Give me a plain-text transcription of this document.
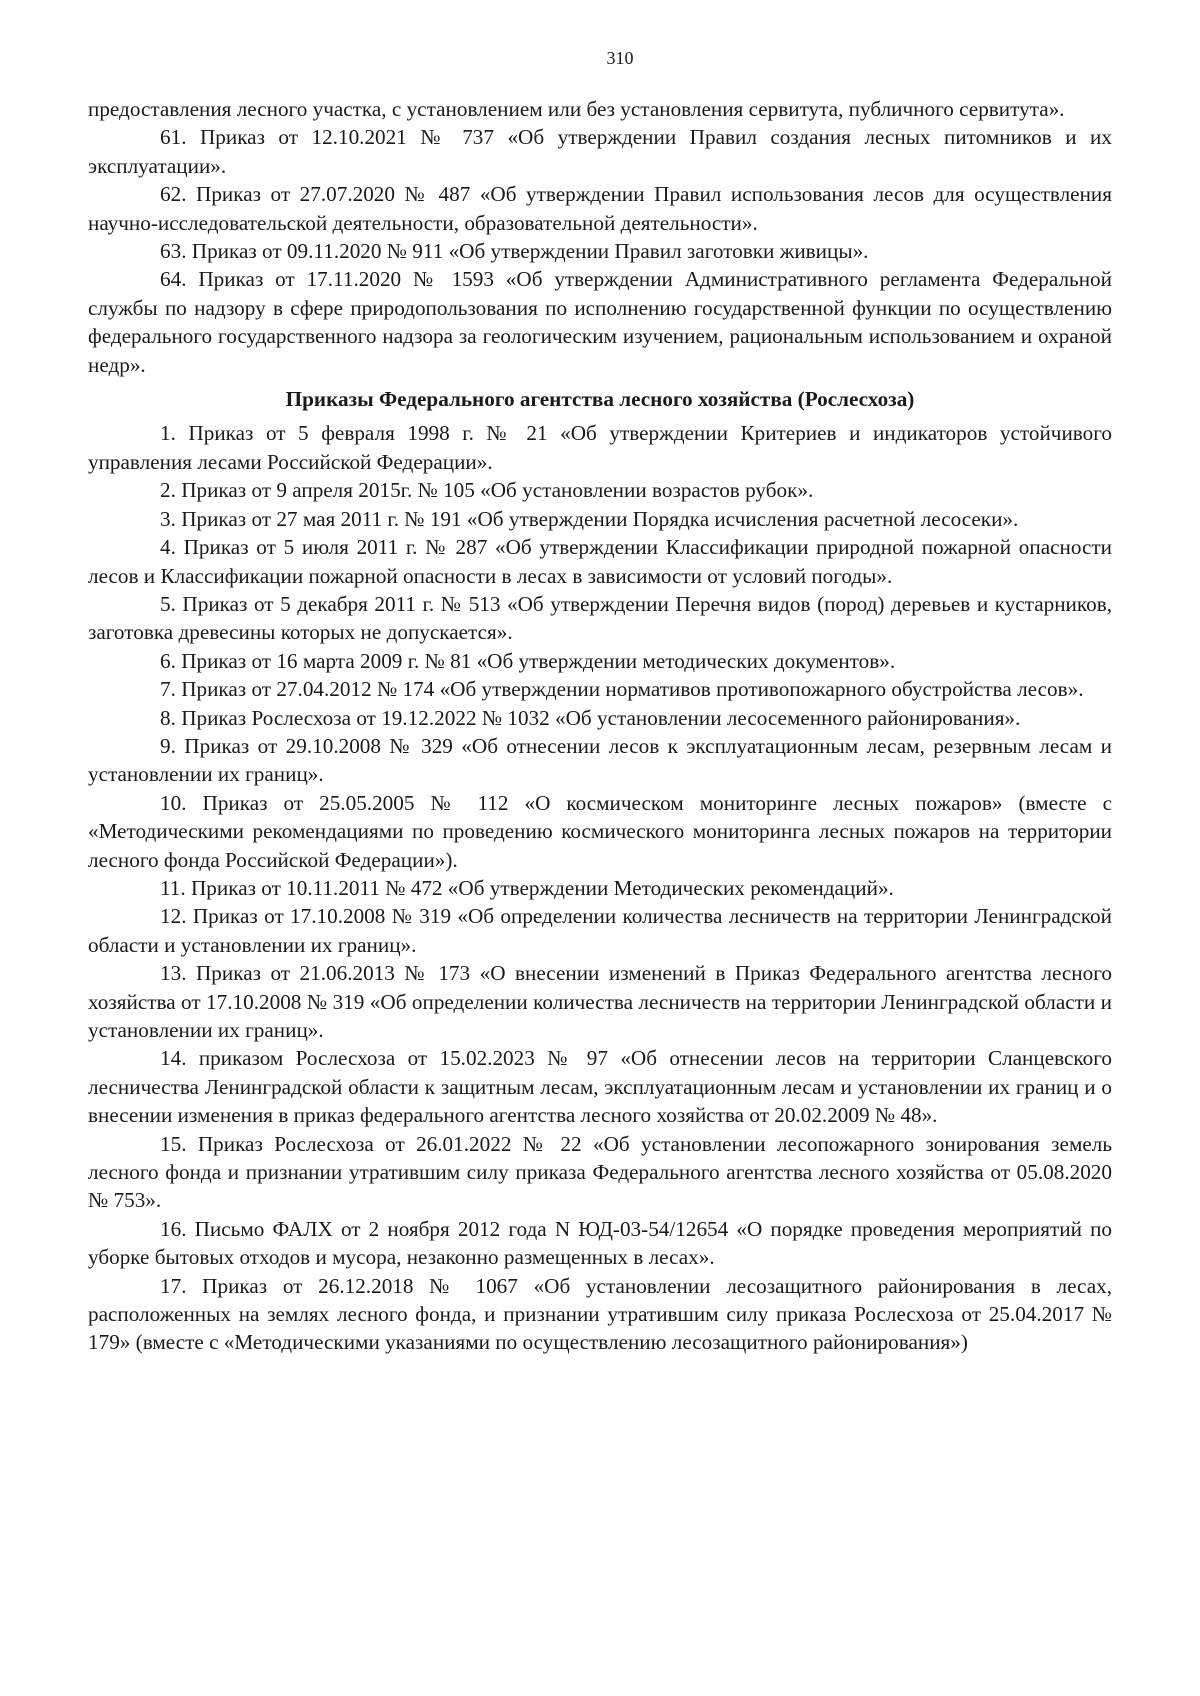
310

предоставления лесного участка, с установлением или без установления сервитута, публичного сервитута».

61. Приказ от 12.10.2021 № 737 «Об утверждении Правил создания лесных питомников и их эксплуатации».

62. Приказ от 27.07.2020 № 487 «Об утверждении Правил использования лесов для осуществления научно-исследовательской деятельности, образовательной деятельности».

63. Приказ от 09.11.2020 № 911 «Об утверждении Правил заготовки живицы».

64. Приказ от 17.11.2020 № 1593 «Об утверждении Административного регламента Федеральной службы по надзору в сфере природопользования по исполнению государственной функции по осуществлению федерального государственного надзора за геологическим изучением, рациональным использованием и охраной недр».

Приказы Федерального агентства лесного хозяйства (Рослесхоза)

1. Приказ от 5 февраля 1998 г. № 21 «Об утверждении Критериев и индикаторов устойчивого управления лесами Российской Федерации».

2. Приказ от 9 апреля 2015г. № 105 «Об установлении возрастов рубок».

3. Приказ от 27 мая 2011 г. № 191 «Об утверждении Порядка исчисления расчетной лесосеки».

4. Приказ от 5 июля 2011 г. № 287 «Об утверждении Классификации природной пожарной опасности лесов и Классификации пожарной опасности в лесах в зависимости от условий погоды».

5. Приказ от 5 декабря 2011 г. № 513 «Об утверждении Перечня видов (пород) деревьев и кустарников, заготовка древесины которых не допускается».

6. Приказ от 16 марта 2009 г. № 81 «Об утверждении методических документов».

7. Приказ от 27.04.2012 № 174 «Об утверждении нормативов противопожарного обустройства лесов».

8. Приказ Рослесхоза от 19.12.2022 № 1032 «Об установлении лесосеменного районирования».

9. Приказ от 29.10.2008 № 329 «Об отнесении лесов к эксплуатационным лесам, резервным лесам и установлении их границ».

10. Приказ от 25.05.2005 № 112 «О космическом мониторинге лесных пожаров» (вместе с «Методическими рекомендациями по проведению космического мониторинга лесных пожаров на территории лесного фонда Российской Федерации»).

11. Приказ от 10.11.2011 № 472 «Об утверждении Методических рекомендаций».

12. Приказ от 17.10.2008 № 319 «Об определении количества лесничеств на территории Ленинградской области и установлении их границ».

13. Приказ от 21.06.2013 № 173 «О внесении изменений в Приказ Федерального агентства лесного хозяйства от 17.10.2008 № 319 «Об определении количества лесничеств на территории Ленинградской области и установлении их границ».

14. приказом Рослесхоза от 15.02.2023 № 97 «Об отнесении лесов на территории Сланцевского лесничества Ленинградской области к защитным лесам, эксплуатационным лесам и установлении их границ и о внесении изменения в приказ федерального агентства лесного хозяйства от 20.02.2009 № 48».

15. Приказ Рослесхоза от 26.01.2022 № 22 «Об установлении лесопожарного зонирования земель лесного фонда и признании утратившим силу приказа Федерального агентства лесного хозяйства от 05.08.2020 № 753».

16. Письмо ФАЛХ от 2 ноября 2012 года N ЮД-03-54/12654 «О порядке проведения мероприятий по уборке бытовых отходов и мусора, незаконно размещенных в лесах».

17. Приказ от 26.12.2018 № 1067 «Об установлении лесозащитного районирования в лесах, расположенных на землях лесного фонда, и признании утратившим силу приказа Рослесхоза от 25.04.2017 № 179» (вместе с «Методическими указаниями по осуществлению лесозащитного районирования»)
